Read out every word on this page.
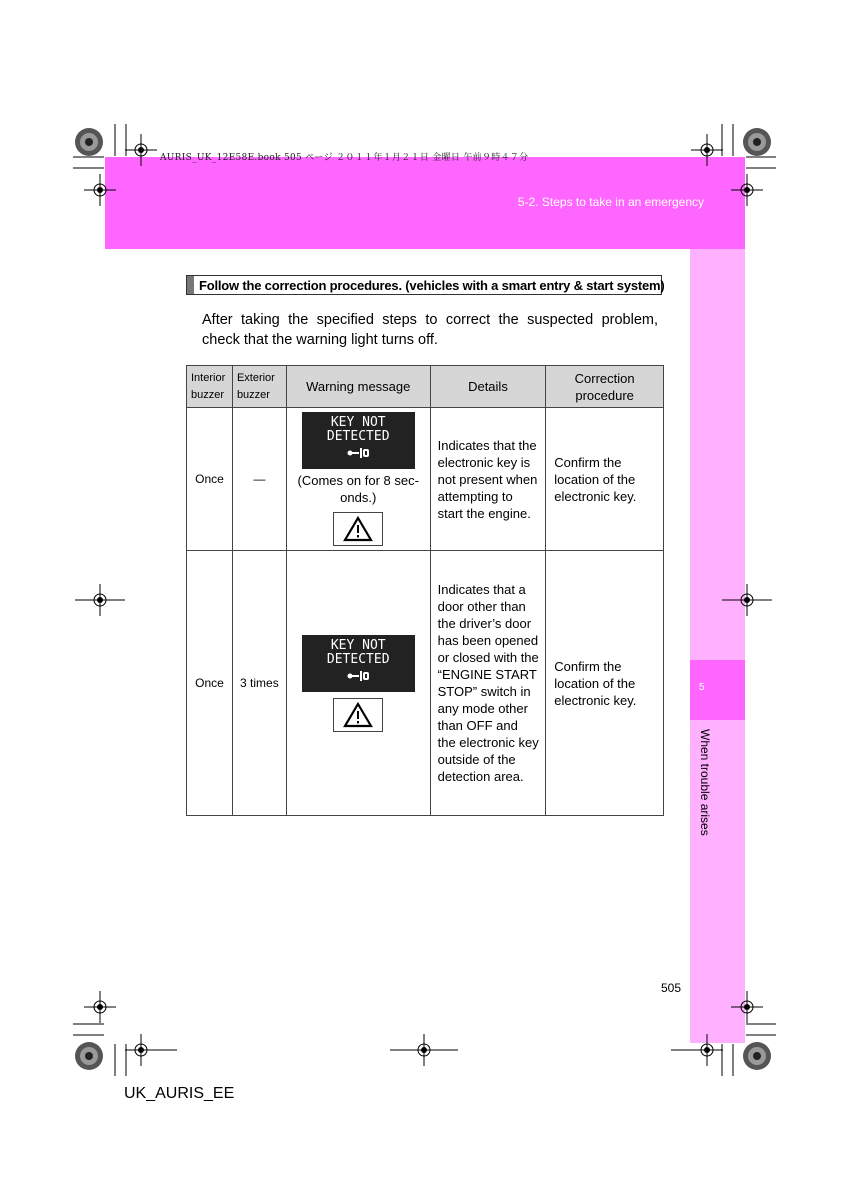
AURIS_UK_12E58E.book 505 ページ ２０１１年１月２１日 金曜日 午前９時４７分
5-2. Steps to take in an emergency
5
When trouble arises
Follow the correction procedures. (vehicles with a smart entry & start system)
After taking the specified steps to correct the suspected problem, check that the warning light turns off.
Interior buzzer	Exterior buzzer	Warning message	Details	Correction procedure
Once	—	KEY NOT
DETECTED
(Comes on for 8 sec-onds.)	Indicates that the electronic key is not present when attempting to start the engine.	Confirm the location of the electronic key.
Once	3 times	KEY NOT
DETECTED	Indicates that a door other than the driver’s door has been opened or closed with the “ENGINE START STOP” switch in any mode other than OFF and the electronic key outside of the detection area.	Confirm the location of the electronic key.
505
UK_AURIS_EE
